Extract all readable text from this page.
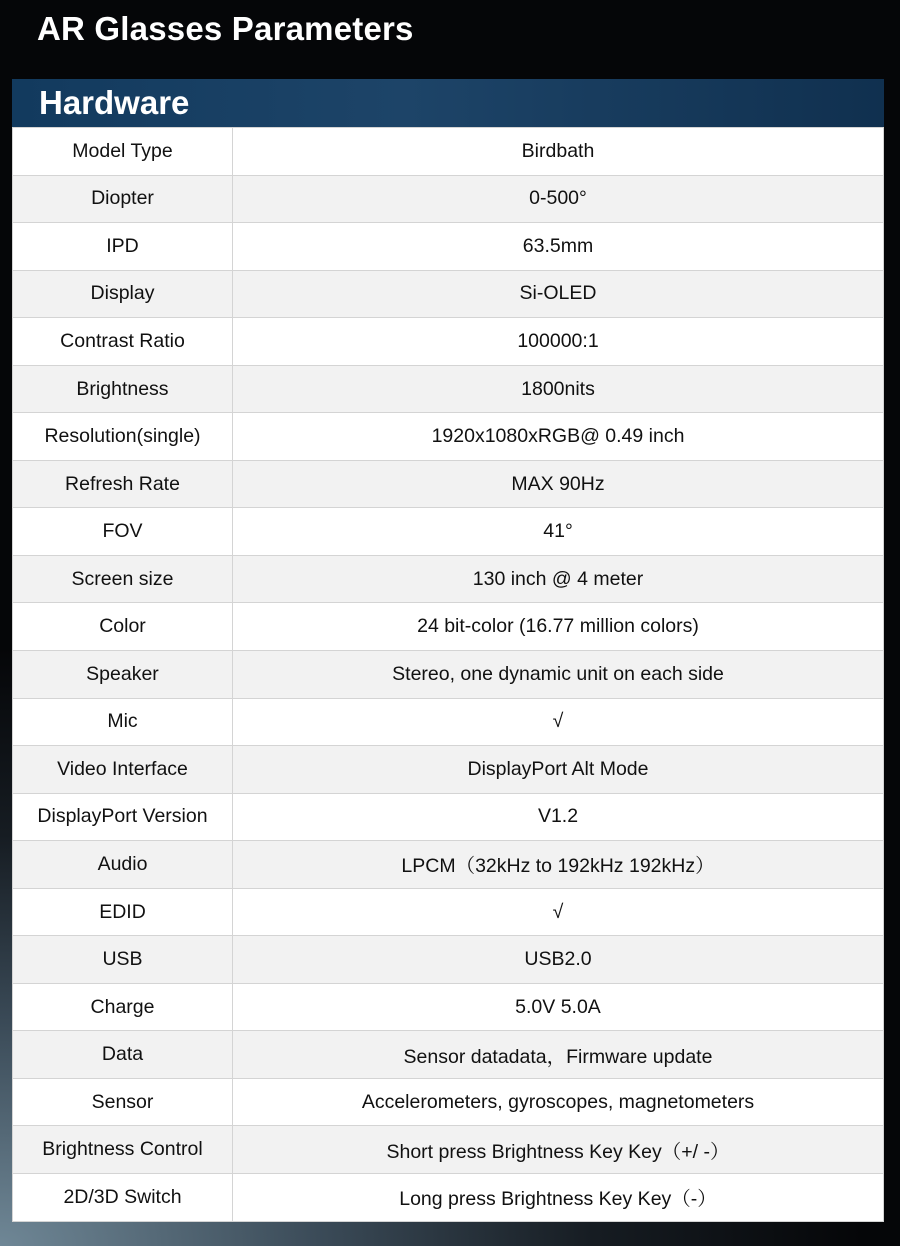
AR Glasses Parameters
Hardware
Model Type	Birdbath
Diopter	0-500°
IPD	63.5mm
Display	Si-OLED
Contrast Ratio	100000:1
Brightness	1800nits
Resolution(single)	1920x1080xRGB@ 0.49 inch
Refresh Rate	MAX 90Hz
FOV	41°
Screen size	130 inch @ 4 meter
Color	24 bit-color (16.77 million colors)
Speaker	Stereo, one dynamic unit on each side
Mic	√
Video Interface	DisplayPort Alt Mode
DisplayPort Version	V1.2
Audio	LPCM（32kHz to 192kHz 192kHz）
EDID	√
USB	USB2.0
Charge	5.0V 5.0A
Data	Sensor datadata，Firmware update
Sensor	Accelerometers, gyroscopes, magnetometers
Brightness Control	Short press Brightness Key Key（+/ -）
2D/3D Switch	Long press Brightness Key Key（-）
